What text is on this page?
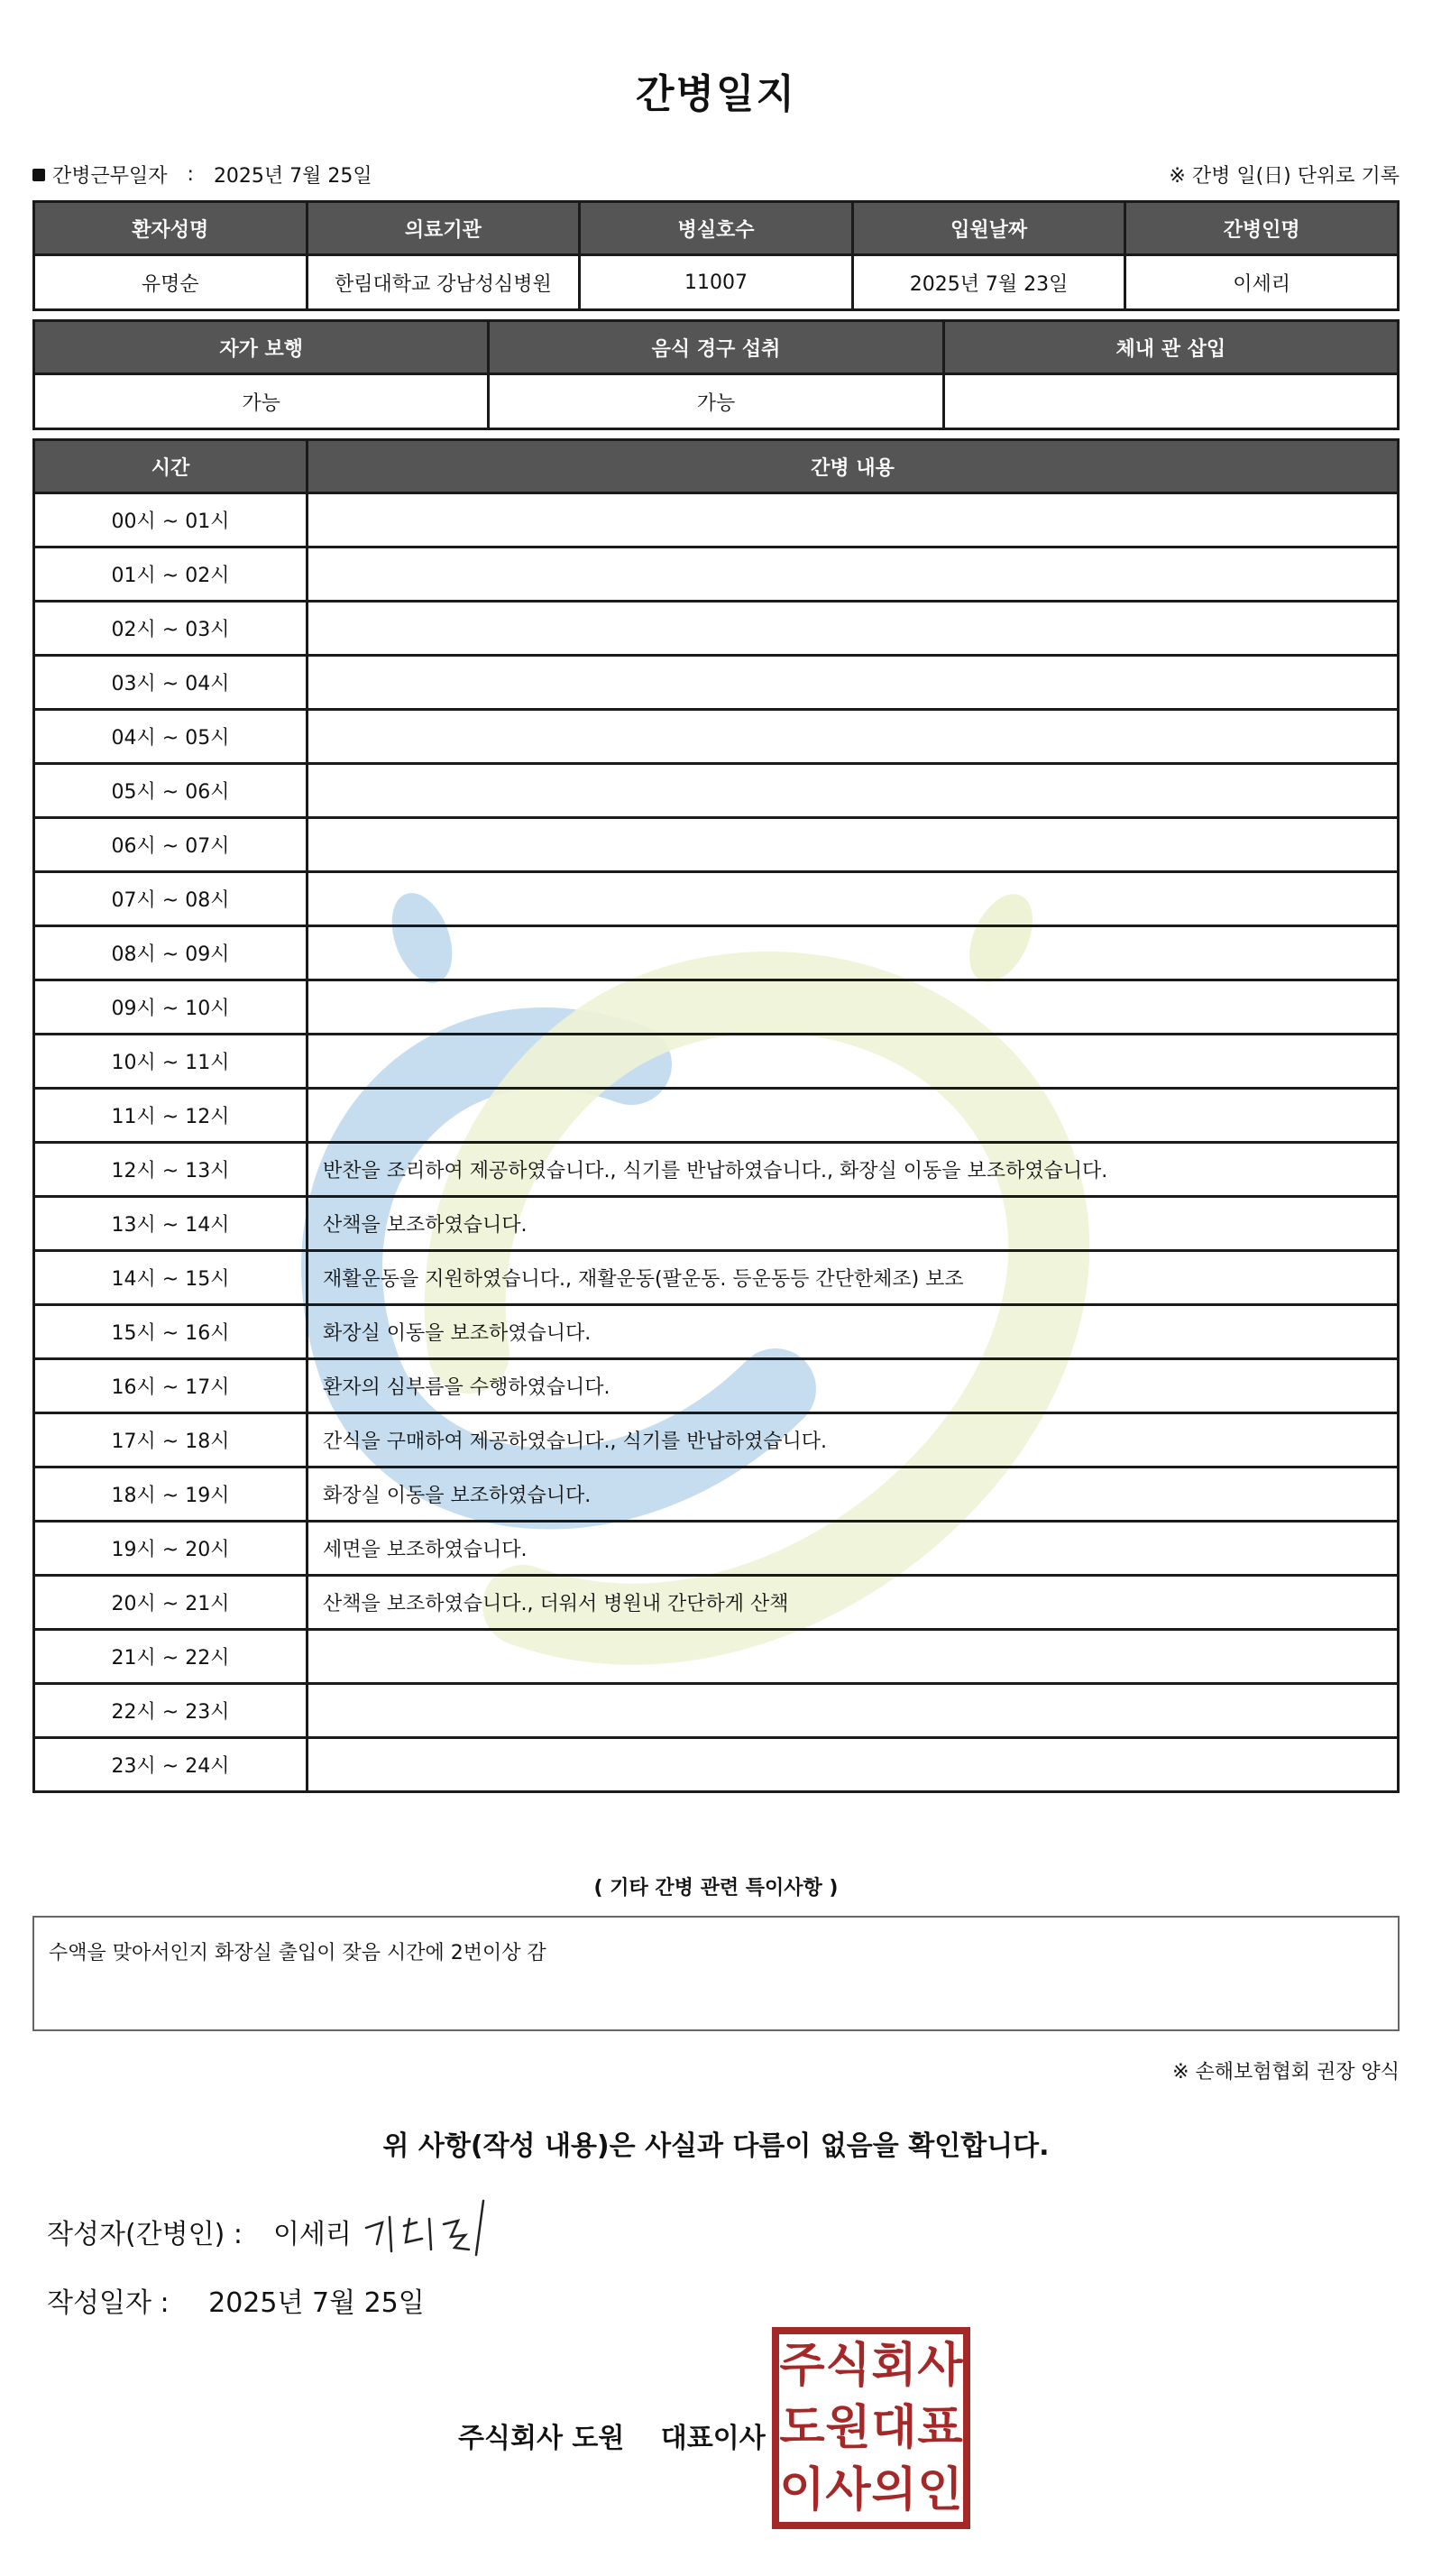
간병일지
간병근무일자 : 2025년 7월 25일	※ 간병 일(日) 단위로 기록
환자성명	의료기관	병실호수	입원날짜	간병인명
유명순	한림대학교 강남성심병원	11007	2025년 7월 23일	이세리
자가 보행	음식 경구 섭취	체내 관 삽입
가능	가능	
시간	간병 내용
00시 ~ 01시	
01시 ~ 02시	
02시 ~ 03시	
03시 ~ 04시	
04시 ~ 05시	
05시 ~ 06시	
06시 ~ 07시	
07시 ~ 08시	
08시 ~ 09시	
09시 ~ 10시	
10시 ~ 11시	
11시 ~ 12시	
12시 ~ 13시	반찬을 조리하여 제공하였습니다., 식기를 반납하였습니다., 화장실 이동을 보조하였습니다.
13시 ~ 14시	산책을 보조하였습니다.
14시 ~ 15시	재활운동을 지원하였습니다., 재활운동(팔운동. 등운동등 간단한체조) 보조
15시 ~ 16시	화장실 이동을 보조하였습니다.
16시 ~ 17시	환자의 심부름을 수행하였습니다.
17시 ~ 18시	간식을 구매하여 제공하였습니다., 식기를 반납하였습니다.
18시 ~ 19시	화장실 이동을 보조하였습니다.
19시 ~ 20시	세면을 보조하였습니다.
20시 ~ 21시	산책을 보조하였습니다., 더워서 병원내 간단하게 산책
21시 ~ 22시	
22시 ~ 23시	
23시 ~ 24시	
( 기타 간병 관련 특이사항 )
수액을 맞아서인지 화장실 출입이 잦음 시간에 2번이상 감
※ 손해보험협회 권장 양식
위 사항(작성 내용)은 사실과 다름이 없음을 확인합니다.
작성자(간병인) : 이세리
작성일자 : 2025년 7월 25일
주식회사 도원 대표이사
주 식 회 사
도 원 대 표
이 사 의 인
